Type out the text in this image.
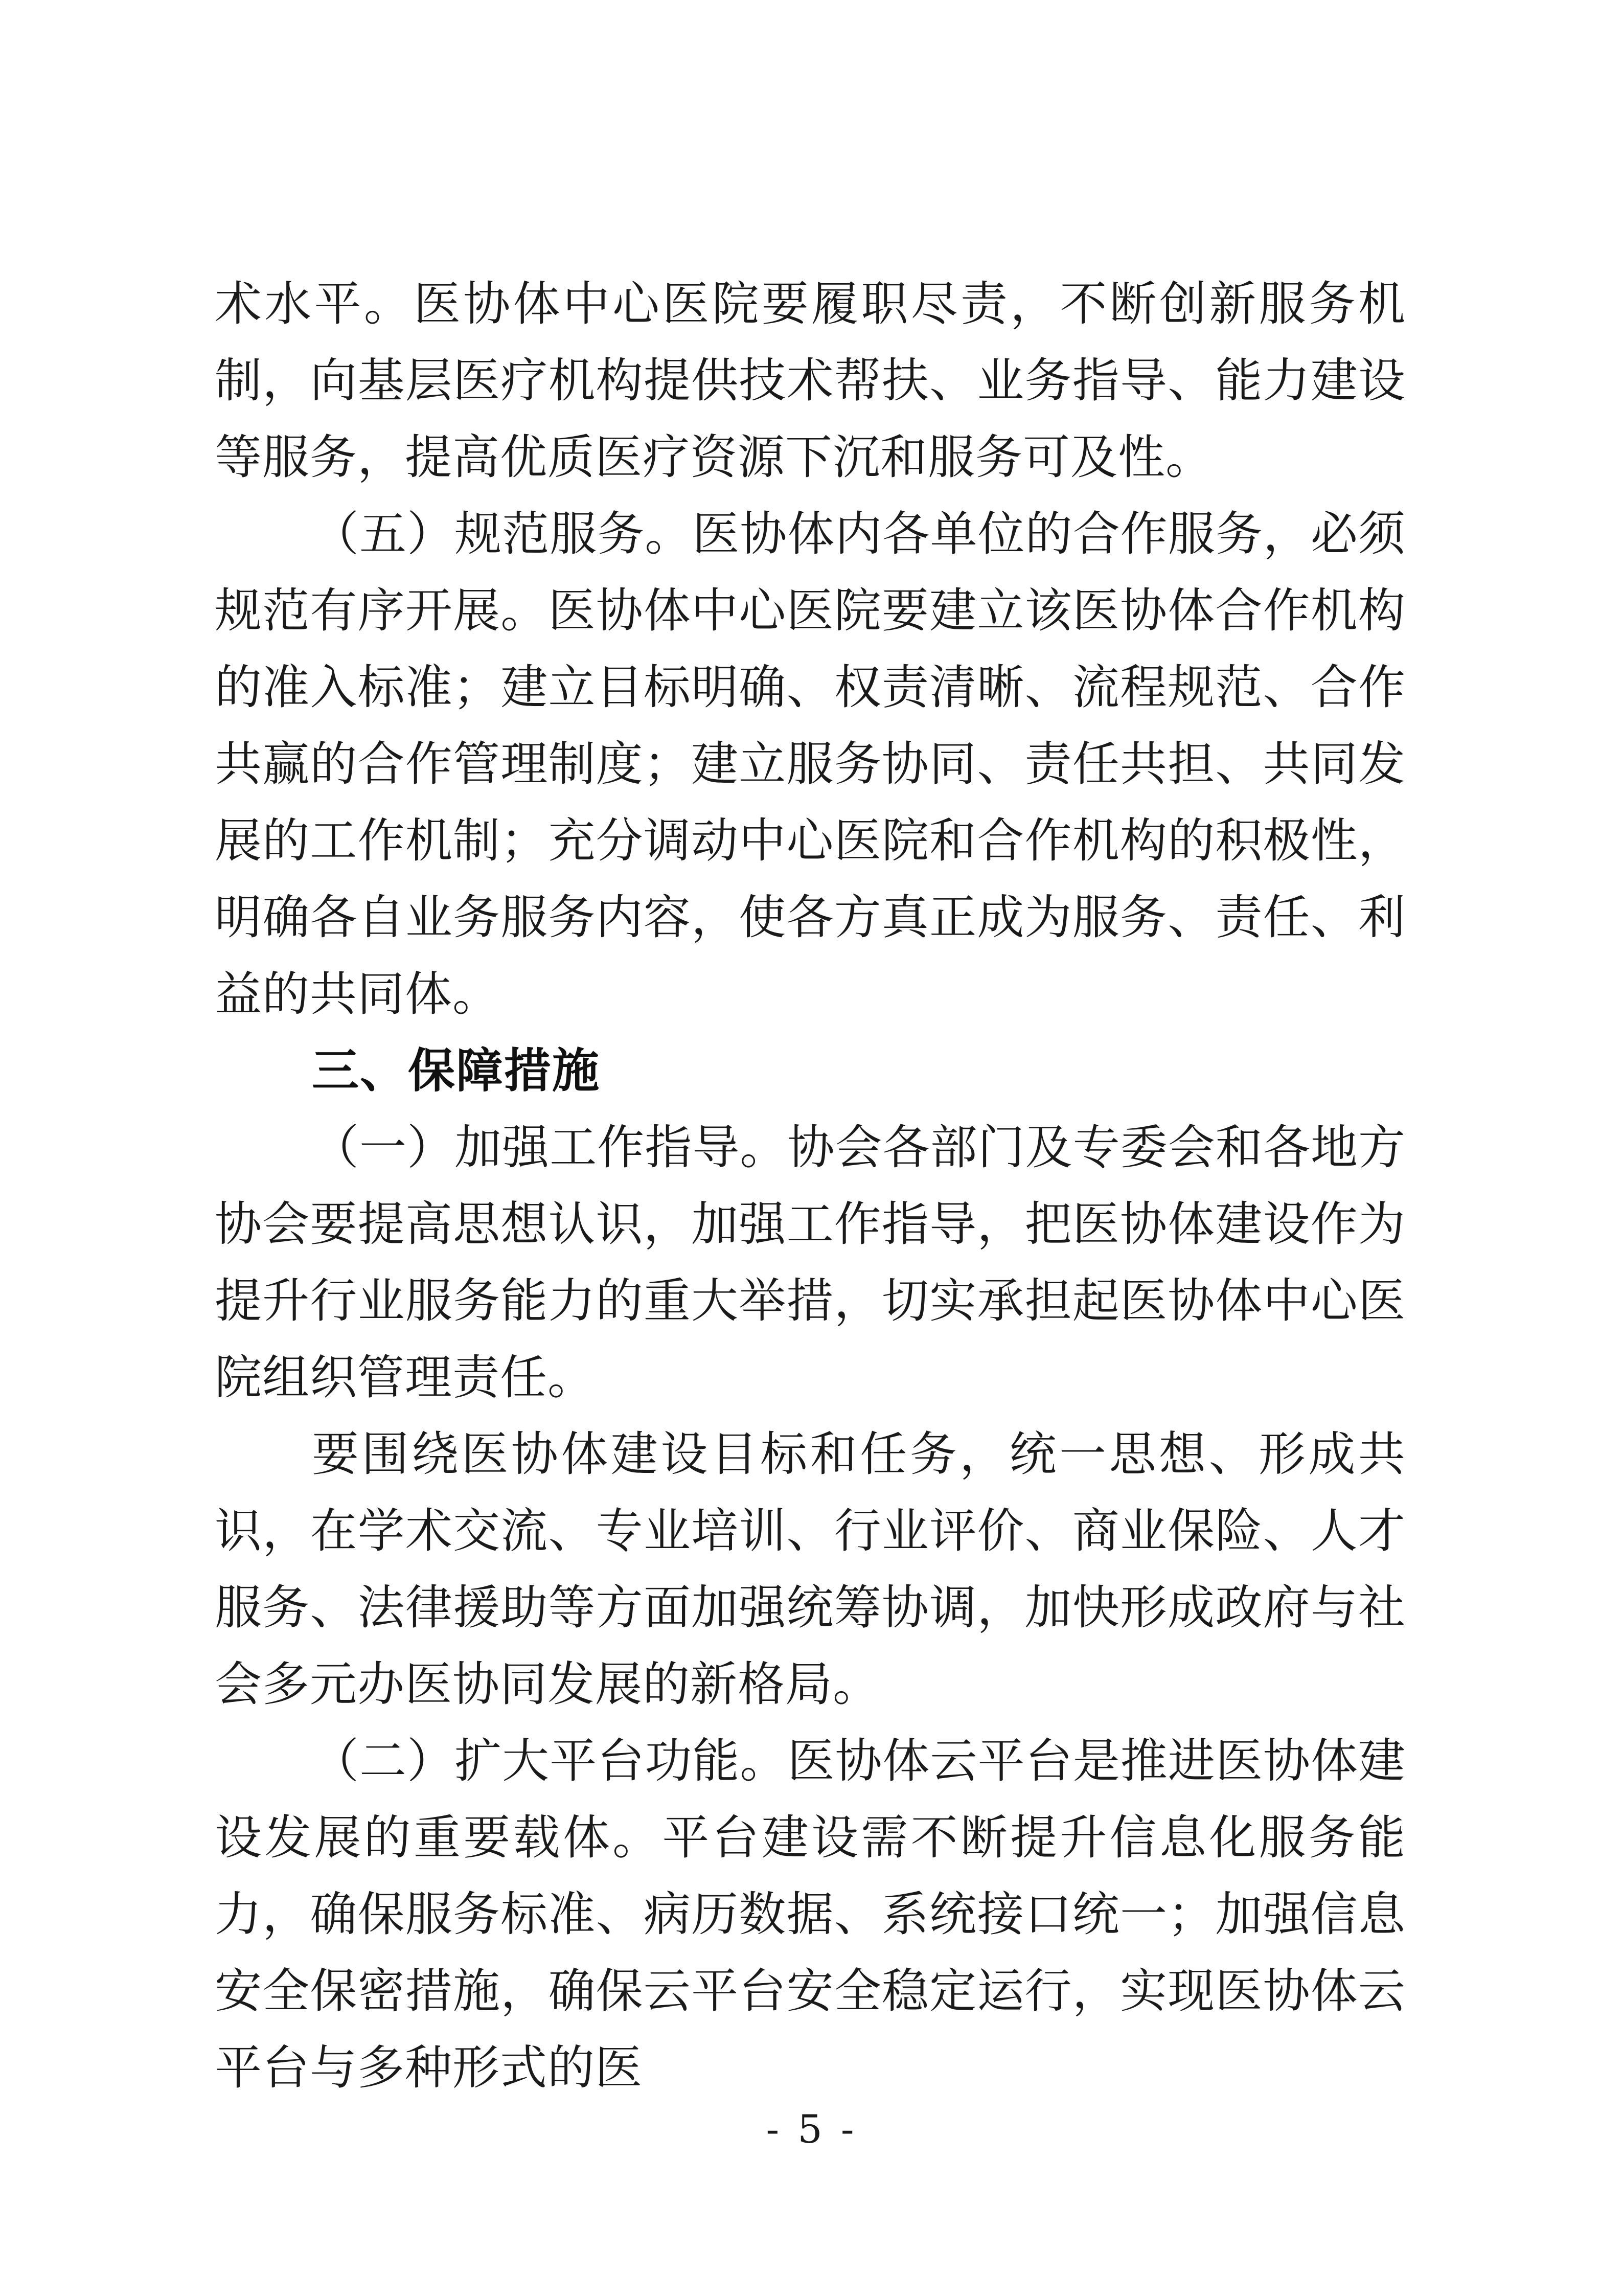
术水平。医协体中心医院要履职尽责，不断创新服务机制，向基层医疗机构提供技术帮扶、业务指导、能力建设等服务，提高优质医疗资源下沉和服务可及性。

（五）规范服务。医协体内各单位的合作服务，必须规范有序开展。医协体中心医院要建立该医协体合作机构的准入标准；建立目标明确、权责清晰、流程规范、合作共赢的合作管理制度；建立服务协同、责任共担、共同发展的工作机制；充分调动中心医院和合作机构的积极性，明确各自业务服务内容，使各方真正成为服务、责任、利益的共同体。

三、保障措施

（一）加强工作指导。协会各部门及专委会和各地方协会要提高思想认识，加强工作指导，把医协体建设作为提升行业服务能力的重大举措，切实承担起医协体中心医院组织管理责任。

要围绕医协体建设目标和任务，统一思想、形成共识，在学术交流、专业培训、行业评价、商业保险、人才服务、法律援助等方面加强统筹协调，加快形成政府与社会多元办医协同发展的新格局。

（二）扩大平台功能。医协体云平台是推进医协体建设发展的重要载体。平台建设需不断提升信息化服务能力，确保服务标准、病历数据、系统接口统一；加强信息安全保密措施，确保云平台安全稳定运行，实现医协体云平台与多种形式的医

- 5 -
